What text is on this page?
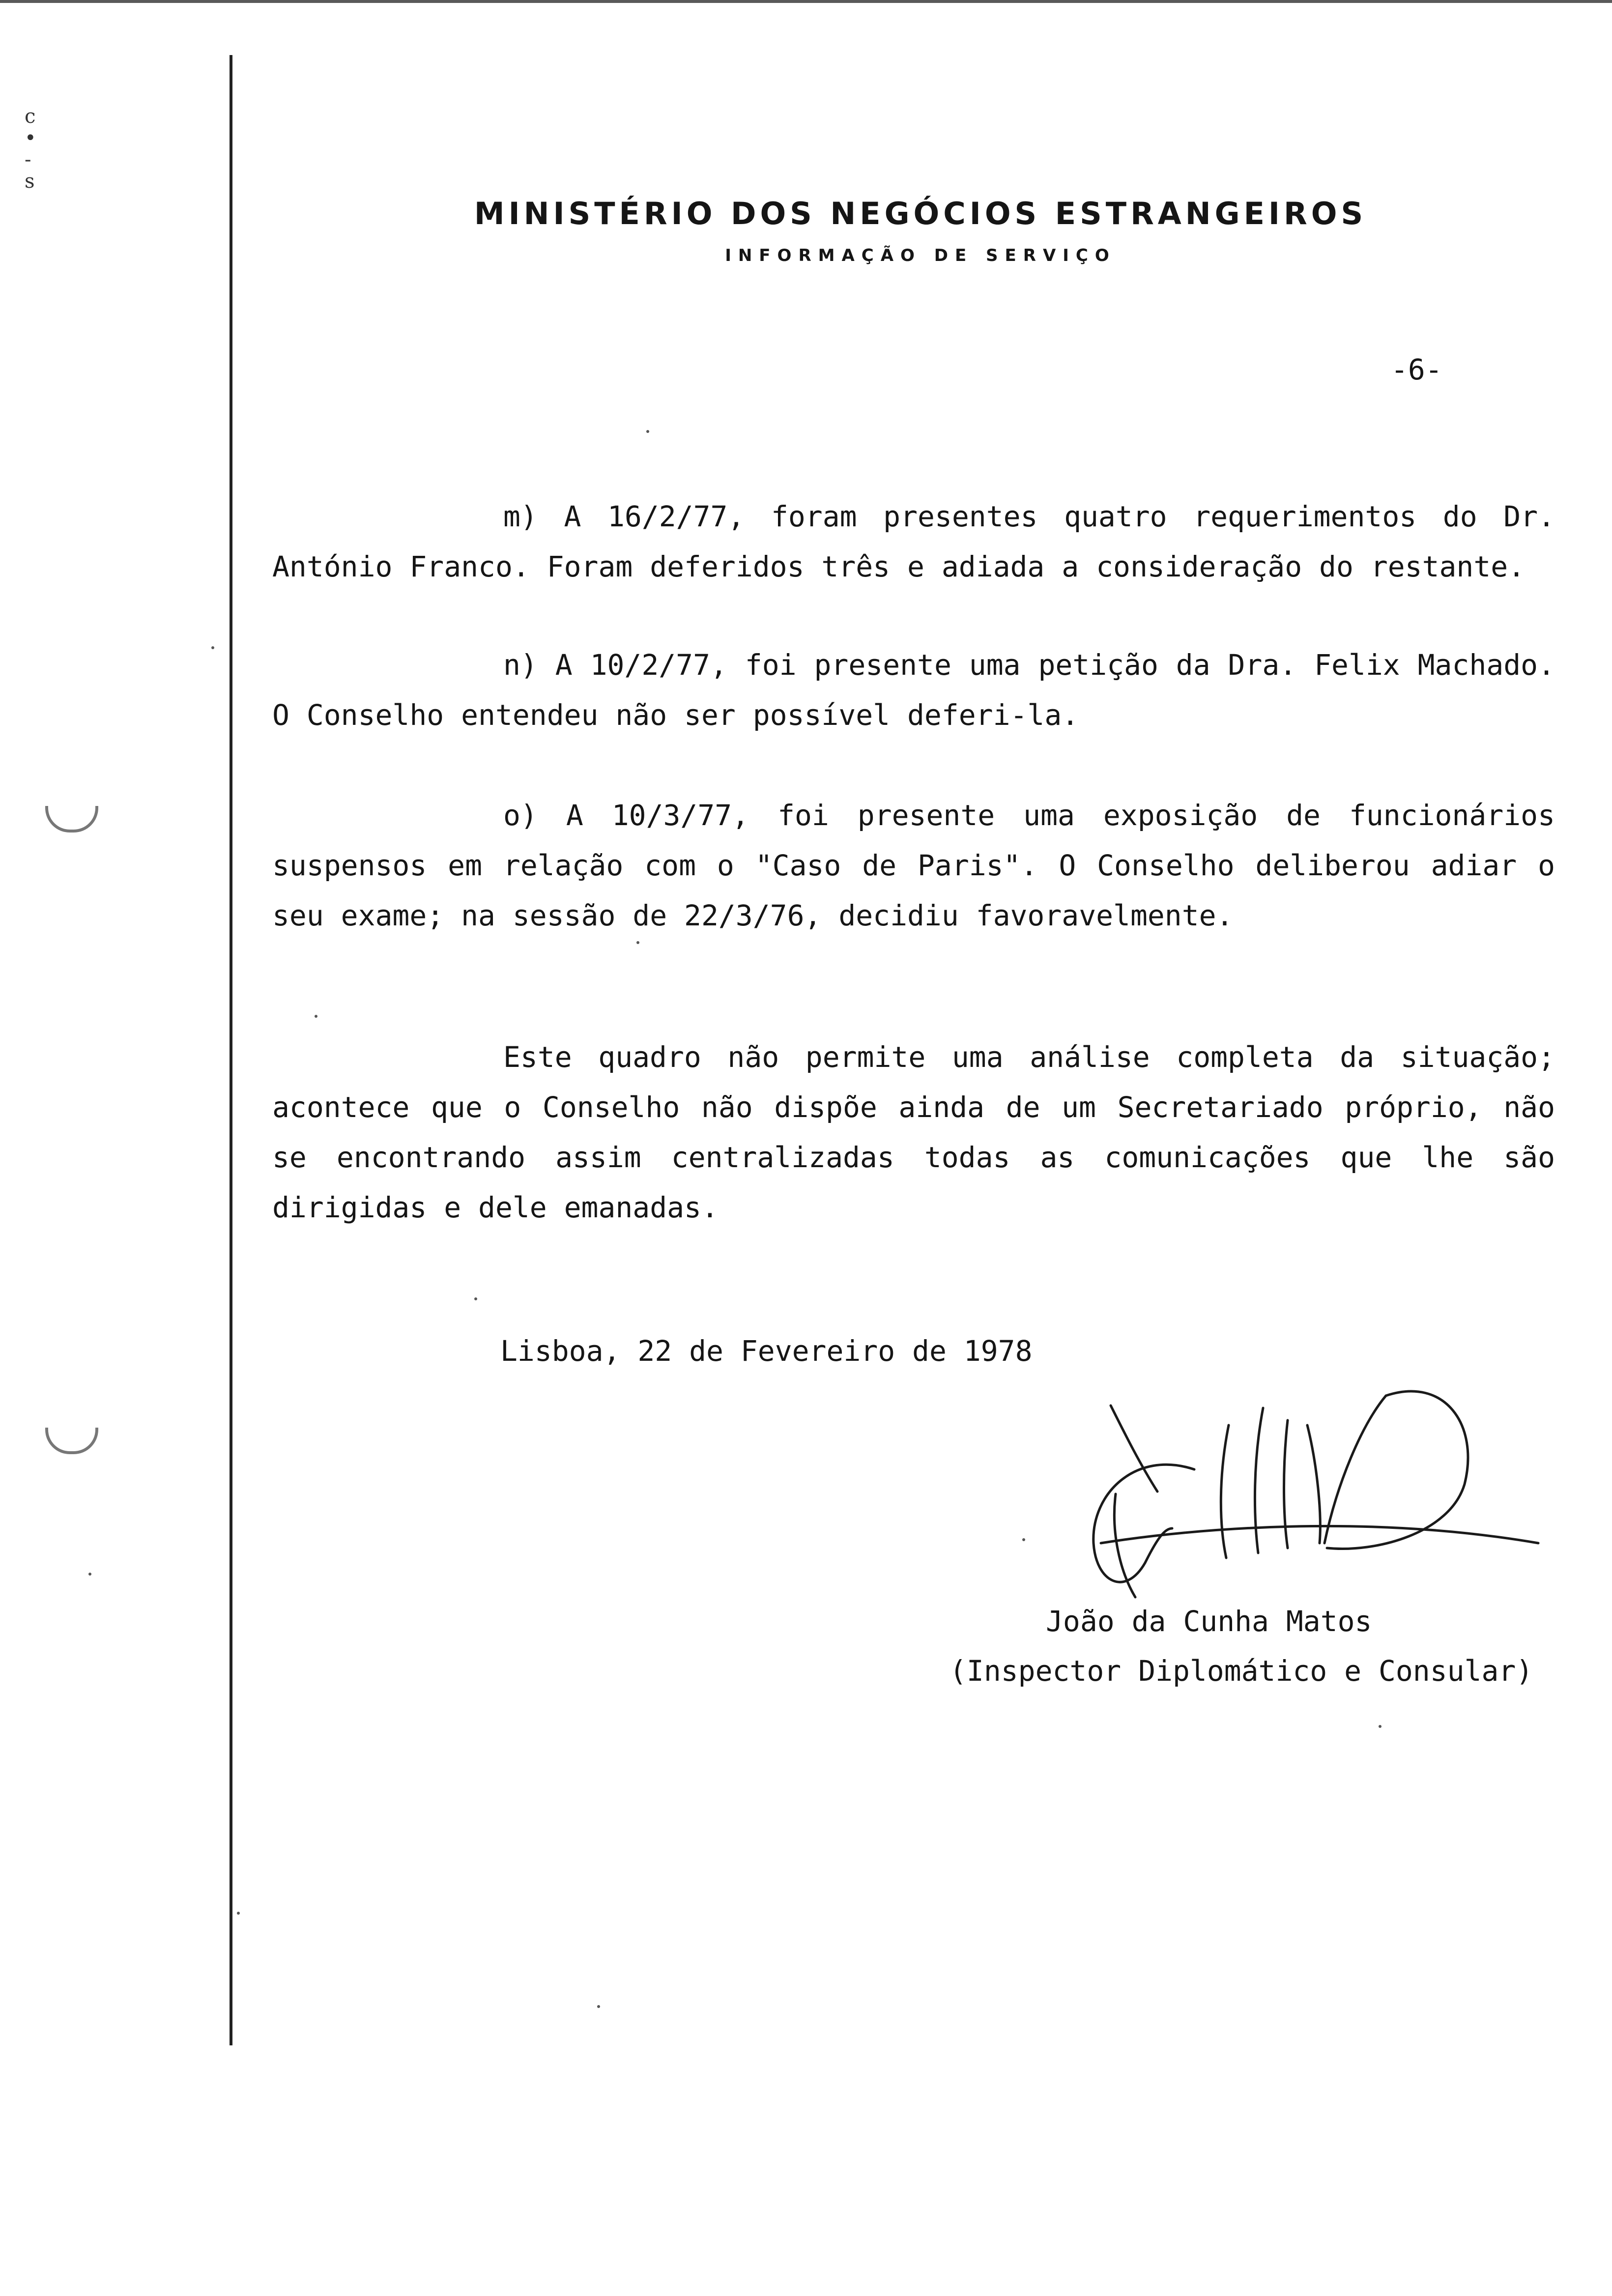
c
•
-
s
MINISTÉRIO DOS NEGÓCIOS ESTRANGEIROS
INFORMAÇÃO DE SERVIÇO
-6-

m) A 16/2/77, foram presentes quatro requerimentos do Dr. António Franco. Foram deferidos três e adiada a consideração do restante.

n) A 10/2/77, foi presente uma petição da Dra. Felix Machado. O Conselho entendeu não ser possível deferi-la.

o) A 10/3/77, foi presente uma exposição de funcionários suspensos em relação com o "Caso de Paris". O Conselho deliberou adiar o seu exame; na sessão de 22/3/76, decidiu favoravelmente.

Este quadro não permite uma análise completa da situação; acontece que o Conselho não dispõe ainda de um Secretariado próprio, não se encontrando assim centralizadas todas as comunicações que lhe são dirigidas e dele emanadas.

Lisboa, 22 de Fevereiro de 1978
João da Cunha Matos
(Inspector Diplomático e Consular)
